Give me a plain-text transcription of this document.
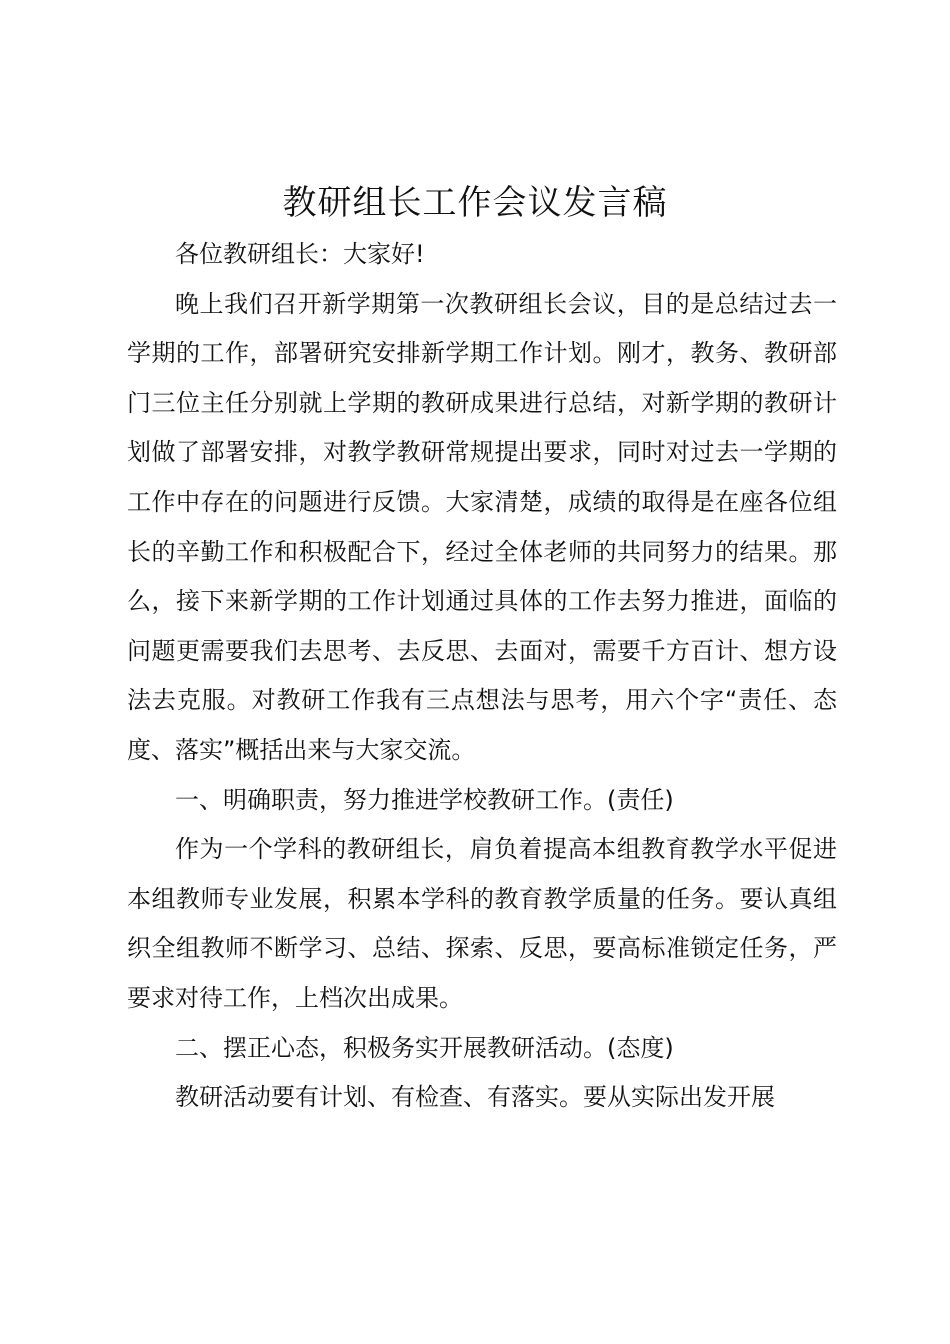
教研组长工作会议发言稿

各位教研组长：大家好!

晚上我们召开新学期第一次教研组长会议，目的是总结过去一学期的工作，部署研究安排新学期工作计划。刚才，教务、教研部门三位主任分别就上学期的教研成果进行总结，对新学期的教研计划做了部署安排，对教学教研常规提出要求，同时对过去一学期的工作中存在的问题进行反馈。大家清楚，成绩的取得是在座各位组长的辛勤工作和积极配合下，经过全体老师的共同努力的结果。那么，接下来新学期的工作计划通过具体的工作去努力推进，面临的问题更需要我们去思考、去反思、去面对，需要千方百计、想方设法去克服。对教研工作我有三点想法与思考，用六个字“责任、态度、落实”概括出来与大家交流。

一、明确职责，努力推进学校教研工作。(责任)

作为一个学科的教研组长，肩负着提高本组教育教学水平促进本组教师专业发展，积累本学科的教育教学质量的任务。要认真组织全组教师不断学习、总结、探索、反思，要高标准锁定任务，严要求对待工作，上档次出成果。

二、摆正心态，积极务实开展教研活动。(态度)

教研活动要有计划、有检查、有落实。要从实际出发开展
